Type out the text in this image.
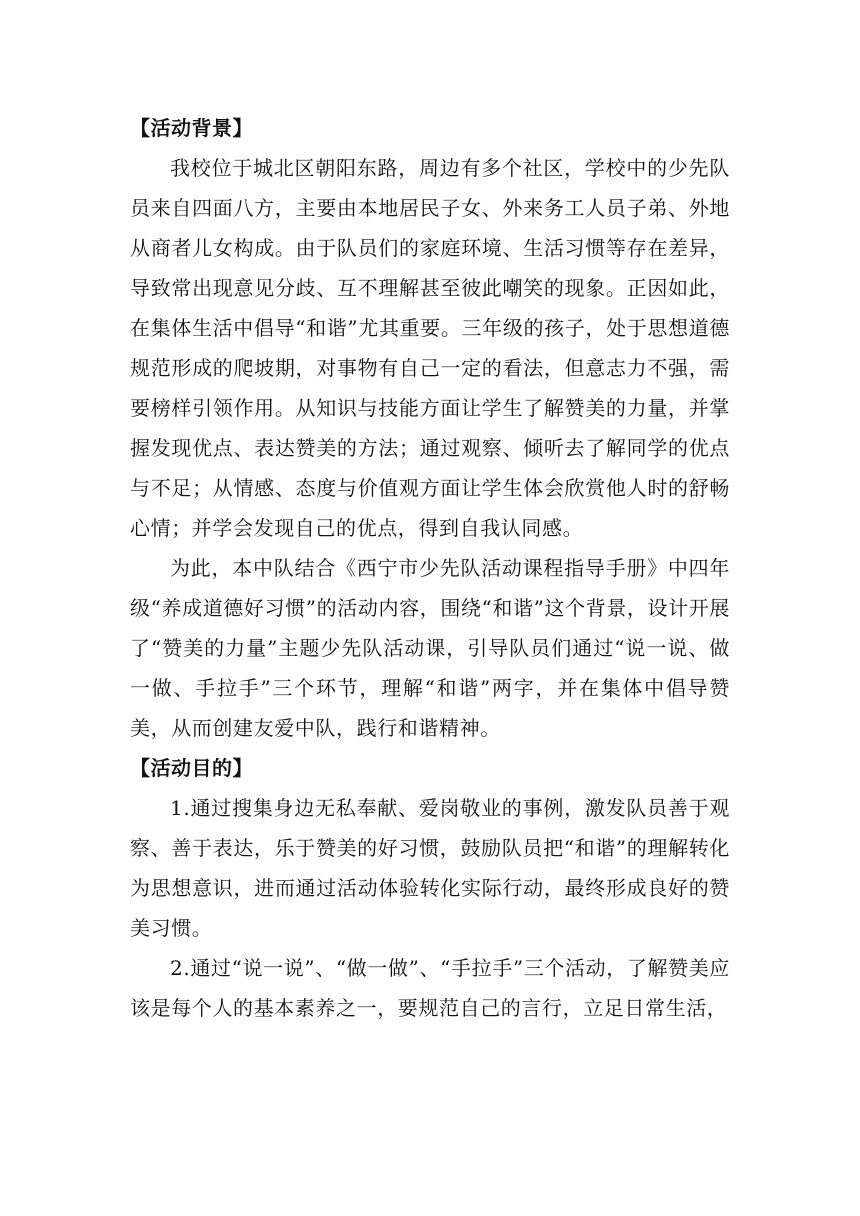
【活动背景】

我校位于城北区朝阳东路，周边有多个社区，学校中的少先队员来自四面八方，主要由本地居民子女、外来务工人员子弟、外地从商者儿女构成。由于队员们的家庭环境、生活习惯等存在差异，导致常出现意见分歧、互不理解甚至彼此嘲笑的现象。正因如此，在集体生活中倡导“和谐”尤其重要。三年级的孩子，处于思想道德规范形成的爬坡期，对事物有自己一定的看法，但意志力不强，需要榜样引领作用。从知识与技能方面让学生了解赞美的力量，并掌握发现优点、表达赞美的方法；通过观察、倾听去了解同学的优点与不足；从情感、态度与价值观方面让学生体会欣赏他人时的舒畅心情；并学会发现自己的优点，得到自我认同感。

为此，本中队结合《西宁市少先队活动课程指导手册》中四年级“养成道德好习惯”的活动内容，围绕“和谐”这个背景，设计开展了“赞美的力量”主题少先队活动课，引导队员们通过“说一说、做一做、手拉手”三个环节，理解“和谐”两字，并在集体中倡导赞美，从而创建友爱中队，践行和谐精神。

【活动目的】

1.通过搜集身边无私奉献、爱岗敬业的事例，激发队员善于观察、善于表达，乐于赞美的好习惯，鼓励队员把“和谐”的理解转化为思想意识，进而通过活动体验转化实际行动，最终形成良好的赞美习惯。

2.通过“说一说”、“做一做”、“手拉手”三个活动，了解赞美应该是每个人的基本素养之一，要规范自己的言行，立足日常生活，
